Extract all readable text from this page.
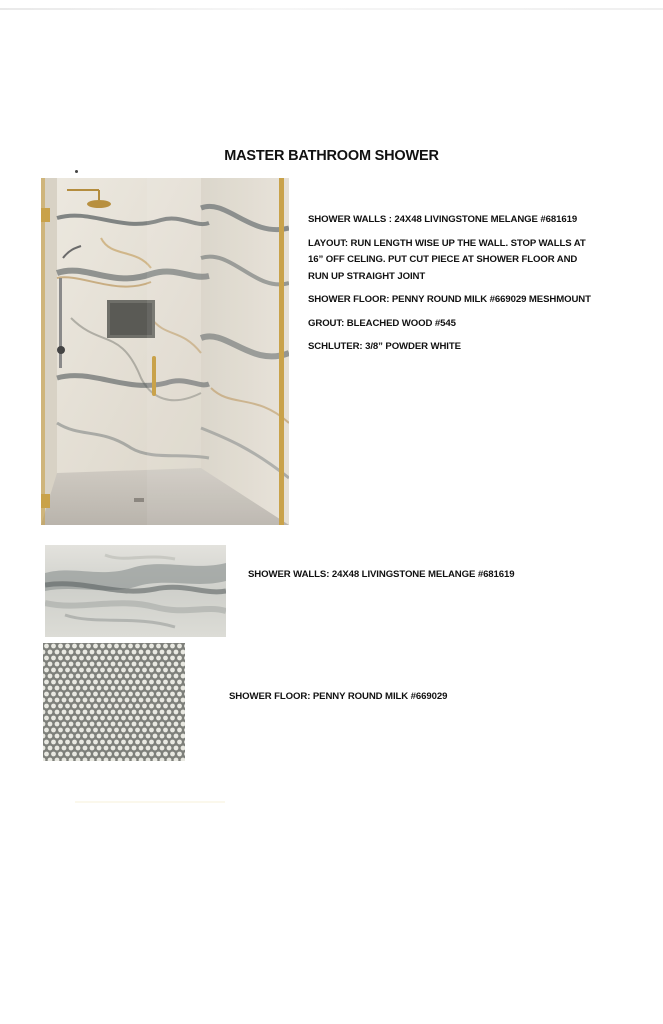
MASTER BATHROOM SHOWER

SHOWER WALLS : 24X48 LIVINGSTONE MELANGE #681619

LAYOUT: RUN LENGTH WISE UP THE WALL. STOP WALLS AT 16” OFF CELING. PUT CUT PIECE AT SHOWER FLOOR AND RUN UP STRAIGHT JOINT

SHOWER FLOOR: PENNY ROUND MILK #669029 MESHMOUNT

GROUT: BLEACHED WOOD #545

SCHLUTER: 3/8” POWDER WHITE

SHOWER WALLS: 24X48 LIVINGSTONE MELANGE #681619
SHOWER FLOOR: PENNY ROUND MILK #669029
